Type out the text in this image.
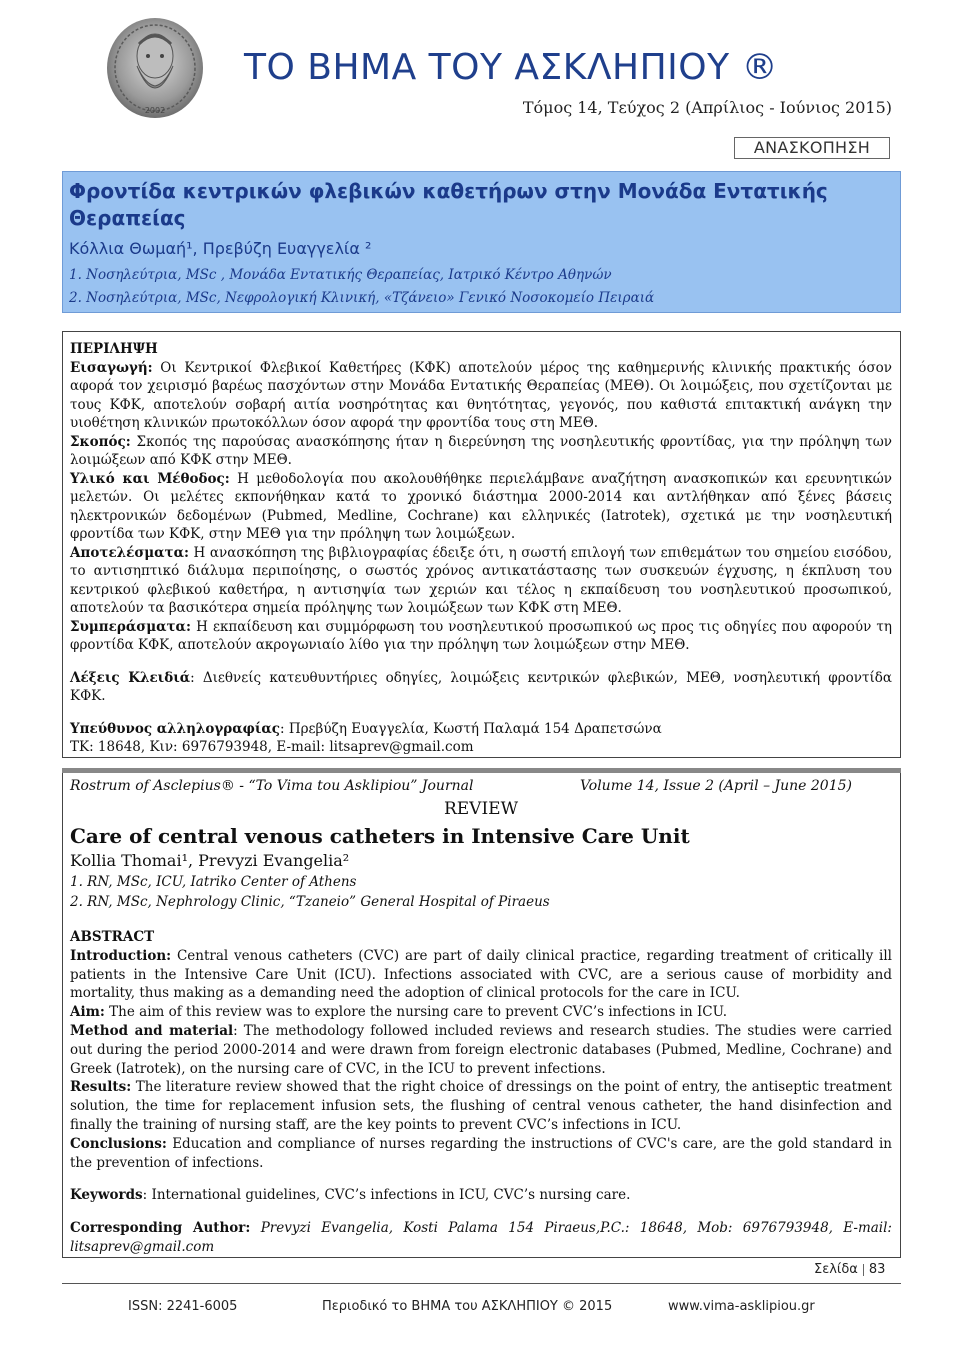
2002
ΤΟ ΒΗΜΑ ΤΟΥ ΑΣΚΛΗΠΙΟΥ ®
Τόμος 14, Τεύχος 2 (Απρίλιος - Ιούνιος 2015)
ΑΝΑΣΚΟΠΗΣΗ
Φροντίδα κεντρικών φλεβικών καθετήρων στην Μονάδα Εντατικής Θεραπείας
Κόλλια Θωμαή¹, Πρεβύζη Ευαγγελία ²
1. Νοσηλεύτρια, MSc , Μονάδα Εντατικής Θεραπείας, Ιατρικό Κέντρο Αθηνών
2. Νοσηλεύτρια, MSc, Νεφρολογική Κλινική, «Τζάνειο» Γενικό Νοσοκομείο Πειραιά

ΠΕΡΙΛΗΨΗ

Εισαγωγή: Οι Κεντρικοί Φλεβικοί Καθετήρες (ΚΦΚ) αποτελούν μέρος της καθημερινής κλινικής πρακτικής όσον αφορά τον χειρισμό βαρέως πασχόντων στην Μονάδα Εντατικής Θεραπείας (ΜΕΘ). Οι λοιμώξεις, που σχετίζονται με τους ΚΦΚ, αποτελούν σοβαρή αιτία νοσηρότητας και θνητότητας, γεγονός, που καθιστά επιτακτική ανάγκη την υιοθέτηση κλινικών πρωτοκόλλων όσον αφορά την φροντίδα τους στη ΜΕΘ.

Σκοπός: Σκοπός της παρούσας ανασκόπησης ήταν η διερεύνηση της νοσηλευτικής φροντίδας, για την πρόληψη των λοιμώξεων από ΚΦΚ στην ΜΕΘ.

Υλικό και Μέθοδος: Η μεθοδολογία που ακολουθήθηκε περιελάμβανε αναζήτηση ανασκοπικών και ερευνητικών μελετών. Οι μελέτες εκπονήθηκαν κατά το χρονικό διάστημα 2000-2014 και αντλήθηκαν από ξένες βάσεις ηλεκτρονικών δεδομένων (Pubmed, Medline, Cochrane) και ελληνικές (Iatrotek), σχετικά με την νοσηλευτική φροντίδα των ΚΦΚ, στην ΜΕΘ για την πρόληψη των λοιμώξεων.

Αποτελέσματα: Η ανασκόπηση της βιβλιογραφίας έδειξε ότι, η σωστή επιλογή των επιθεμάτων του σημείου εισόδου, το αντισηπτικό διάλυμα περιποίησης, ο σωστός χρόνος αντικατάστασης των συσκευών έγχυσης, η έκπλυση του κεντρικού φλεβικού καθετήρα, η αντισηψία των χεριών και τέλος η εκπαίδευση του νοσηλευτικού προσωπικού, αποτελούν τα βασικότερα σημεία πρόληψης των λοιμώξεων των ΚΦΚ στη ΜΕΘ.

Συμπεράσματα: Η εκπαίδευση και συμμόρφωση του νοσηλευτικού προσωπικού ως προς τις οδηγίες που αφορούν τη φροντίδα ΚΦΚ, αποτελούν ακρογωνιαίο λίθο για την πρόληψη των λοιμώξεων στην ΜΕΘ.

Λέξεις Κλειδιά: Διεθνείς κατευθυντήριες οδηγίες, λοιμώξεις κεντρικών φλεβικών, ΜΕΘ, νοσηλευτική φροντίδα ΚΦΚ.

Υπεύθυνος αλληλογραφίας: Πρεβύζη Ευαγγελία, Κωστή Παλαμά 154 Δραπετσώνα

ΤΚ: 18648, Κιν: 6976793948, E-mail: litsaprev@gmail.com

Rostrum of Asclepius® - “To Vima tou Asklipiou” Journal	Volume 14, Issue 2 (April – June 2015)
REVIEW
Care of central venous catheters in Intensive Care Unit
Kollia Thomai¹, Prevyzi Evangelia²
1. RN, MSc, ICU, Iatriko Center of Athens
2. RN, MSc, Nephrology Clinic, “Tzaneio” General Hospital of Piraeus

ABSTRACT

Introduction: Central venous catheters (CVC) are part of daily clinical practice, regarding treatment of critically ill patients in the Intensive Care Unit (ICU). Infections associated with CVC, are a serious cause of morbidity and mortality, thus making as a demanding need the adoption of clinical protocols for the care in ICU.

Aim: The aim of this review was to explore the nursing care to prevent CVC’s infections in ICU.

Method and material: The methodology followed included reviews and research studies. The studies were carried out during the period 2000-2014 and were drawn from foreign electronic databases (Pubmed, Medline, Cochrane) and Greek (Iatrotek), on the nursing care of CVC, in the ICU to prevent infections.

Results: The literature review showed that the right choice of dressings on the point of entry, the antiseptic treatment solution, the time for replacement infusion sets, the flushing of central venous catheter, the hand disinfection and finally the training of nursing staff, are the key points to prevent CVC’s infections in ICU.

Conclusions: Education and compliance of nurses regarding the instructions of CVC's care, are the gold standard in the prevention of infections.

Keywords: International guidelines, CVC’s infections in ICU, CVC’s nursing care.

Corresponding Author: Prevyzi Evangelia, Kosti Palama 154 Piraeus,P.C.: 18648, Mob: 6976793948, E-mail: litsaprev@gmail.com

Σελίδα 83
ISSN: 2241-6005	Περιοδικό το ΒΗΜΑ του ΑΣΚΛΗΠΙΟΥ © 2015	www.vima-asklipiou.gr
